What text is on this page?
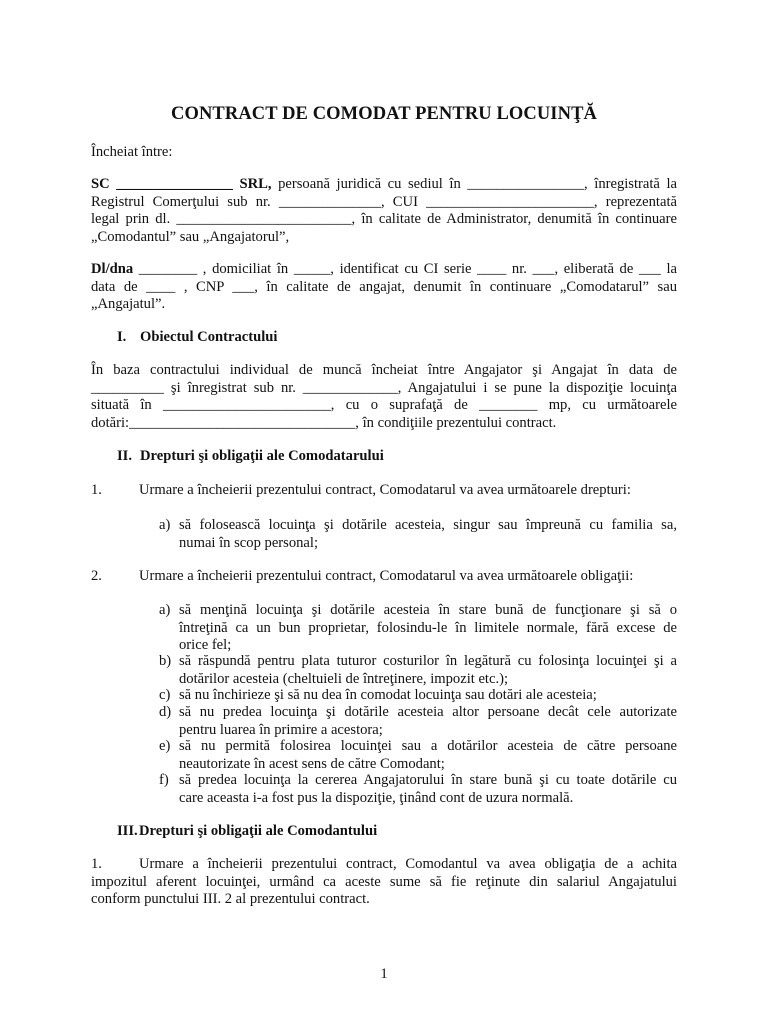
CONTRACT DE COMODAT PENTRU LOCUINŢĂ
Încheiat între:
SC ________________ SRL, persoană juridică cu sediul în ________________, înregistrată la
Registrul Comerţului sub nr. ______________, CUI _______________________, reprezentată
legal prin dl. ________________________, în calitate de Administrator, denumită în continuare
„Comodantul” sau „Angajatorul”,
Dl/dna ________ , domiciliat în _____, identificat cu CI serie ____ nr. ___, eliberată de ___ la
data de ____ , CNP ___, în calitate de angajat, denumit în continuare „Comodatarul” sau
„Angajatul”.
I. Obiectul Contractului
În baza contractului individual de muncă încheiat între Angajator şi Angajat în data de
__________ şi înregistrat sub nr. _____________, Angajatului i se pune la dispoziţie locuinţa
situată în _______________________, cu o suprafaţă de ________ mp, cu următoarele
dotări:_______________________________, în condiţiile prezentului contract.
II. Drepturi şi obligaţii ale Comodatarului
1.	Urmare a încheierii prezentului contract, Comodatarul va avea următoarele drepturi:
a) să folosească locuinţa şi dotările acesteia, singur sau împreună cu familia sa,
numai în scop personal;
2.	Urmare a încheierii prezentului contract, Comodatarul va avea următoarele obligaţii:
a) să menţină locuinţa şi dotările acesteia în stare bună de funcţionare şi să o
întreţină ca un bun proprietar, folosindu-le în limitele normale, fără excese de
orice fel;
b) să răspundă pentru plata tuturor costurilor în legătură cu folosinţa locuinţei şi a
dotărilor acesteia (cheltuieli de întreţinere, impozit etc.);
c) să nu închirieze şi să nu dea în comodat locuinţa sau dotări ale acesteia;
d) să nu predea locuinţa şi dotările acesteia altor persoane decât cele autorizate
pentru luarea în primire a acestora;
e) să nu permită folosirea locuinţei sau a dotărilor acesteia de către persoane
neautorizate în acest sens de către Comodant;
f) să predea locuinţa la cererea Angajatorului în stare bună şi cu toate dotările cu
care aceasta i-a fost pus la dispoziţie, ţinând cont de uzura normală.
III.Drepturi şi obligaţii ale Comodantului
1.	Urmare a încheierii prezentului contract, Comodantul va avea obligaţia de a achita
impozitul aferent locuinţei, urmând ca aceste sume să fie reţinute din salariul Angajatului
conform punctului III. 2 al prezentului contract.
1
